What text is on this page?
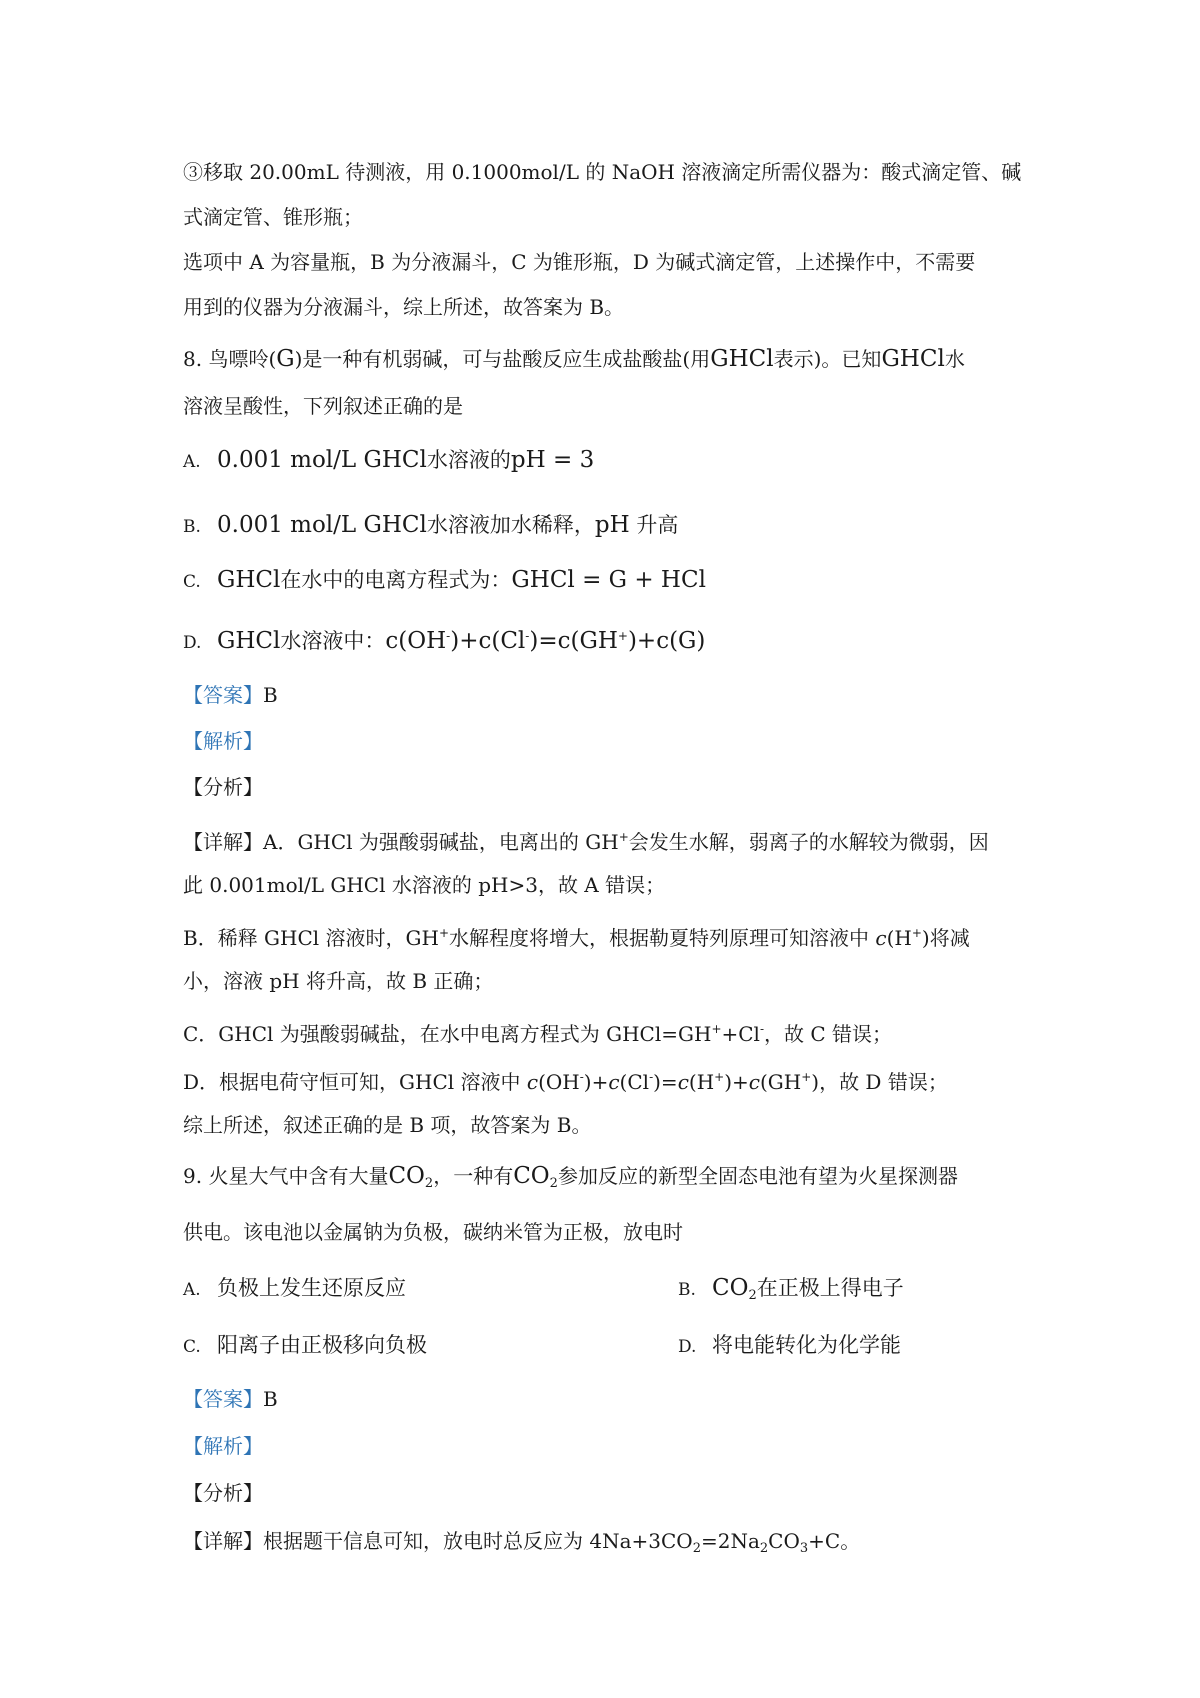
③移取 20.00mL 待测液，用 0.1000mol/L 的 NaOH 溶液滴定所需仪器为：酸式滴定管、碱
式滴定管、锥形瓶；
选项中 A 为容量瓶，B 为分液漏斗，C 为锥形瓶，D 为碱式滴定管，上述操作中，不需要
用到的仪器为分液漏斗，综上所述，故答案为 B。
8. 鸟嘌呤(G)是一种有机弱碱，可与盐酸反应生成盐酸盐(用GHCl表示)。已知GHCl水
溶液呈酸性，下列叙述正确的是
A. 0.001 mol/L GHCl水溶液的pH = 3
B. 0.001 mol/L GHCl水溶液加水稀释，pH 升高
C. GHCl在水中的电离方程式为：GHCl = G + HCl
D. GHCl水溶液中：c(OH-)+c(Cl-)=c(GH+)+c(G)
【答案】B
【解析】
【分析】
【详解】A．GHCl 为强酸弱碱盐，电离出的 GH+会发生水解，弱离子的水解较为微弱，因
此 0.001mol/L GHCl 水溶液的 pH>3，故 A 错误；
B．稀释 GHCl 溶液时，GH+水解程度将增大，根据勒夏特列原理可知溶液中 c(H+)将减
小，溶液 pH 将升高，故 B 正确；
C．GHCl 为强酸弱碱盐，在水中电离方程式为 GHCl=GH++Cl-，故 C 错误；
D．根据电荷守恒可知，GHCl 溶液中 c(OH-)+c(Cl-)=c(H+)+c(GH+)，故 D 错误；
综上所述，叙述正确的是 B 项，故答案为 B。
9. 火星大气中含有大量$CO_2$，一种有$CO_2$参加反应的新型全固态电池有望为火星探测器
供电。该电池以金属钠为负极，碳纳米管为正极，放电时
A. 负极上发生还原反应	B. $CO_2$在正极上得电子
C. 阳离子由正极移向负极	D. 将电能转化为化学能
【答案】B
【解析】
【分析】
【详解】根据题干信息可知，放电时总反应为 $4Na+3CO_2=2Na_2CO_3+C$。
